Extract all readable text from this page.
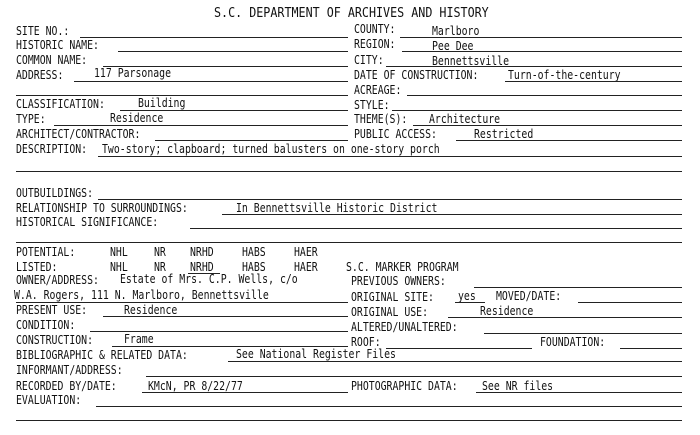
S.C. DEPARTMENT OF ARCHIVES AND HISTORY
SITE NO.:
HISTORIC NAME:
COMMON NAME:
ADDRESS:	117 Parsonage
CLASSIFICATION:	Building
TYPE:	Residence
ARCHITECT/CONTRACTOR:
COUNTY:	Marlboro
REGION:	Pee Dee
CITY:	Bennettsville
DATE OF CONSTRUCTION: Turn-of-the-century
ACREAGE:
STYLE:
THEME(S): Architecture
PUBLIC ACCESS:	Restricted
DESCRIPTION: Two-story; clapboard; turned balusters on one-story porch
OUTBUILDINGS:
RELATIONSHIP TO SURROUNDINGS:	In Bennettsville Historic District
HISTORICAL SIGNIFICANCE:
POTENTIAL:	NHL NR NRHD HABS HAER
LISTED:	NHL NR NRHD HABS HAER S.C. MARKER PROGRAM
OWNER/ADDRESS: Estate of Mrs. C.P. Wells, c/o
W.A. Rogers, 111 N. Marlboro, Bennettsville
PREVIOUS OWNERS:
ORIGINAL SITE: yes MOVED/DATE:
PRESENT USE:	Residence	ORIGINAL USE:	Residence
CONDITION:	ALTERED/UNALTERED:
CONSTRUCTION:	Frame	ROOF:	FOUNDATION:
BIBLIOGRAPHIC & RELATED DATA:	See National Register Files
INFORMANT/ADDRESS:
RECORDED BY/DATE:	KMcN, PR 8/22/77	PHOTOGRAPHIC DATA: See NR files
EVALUATION:
